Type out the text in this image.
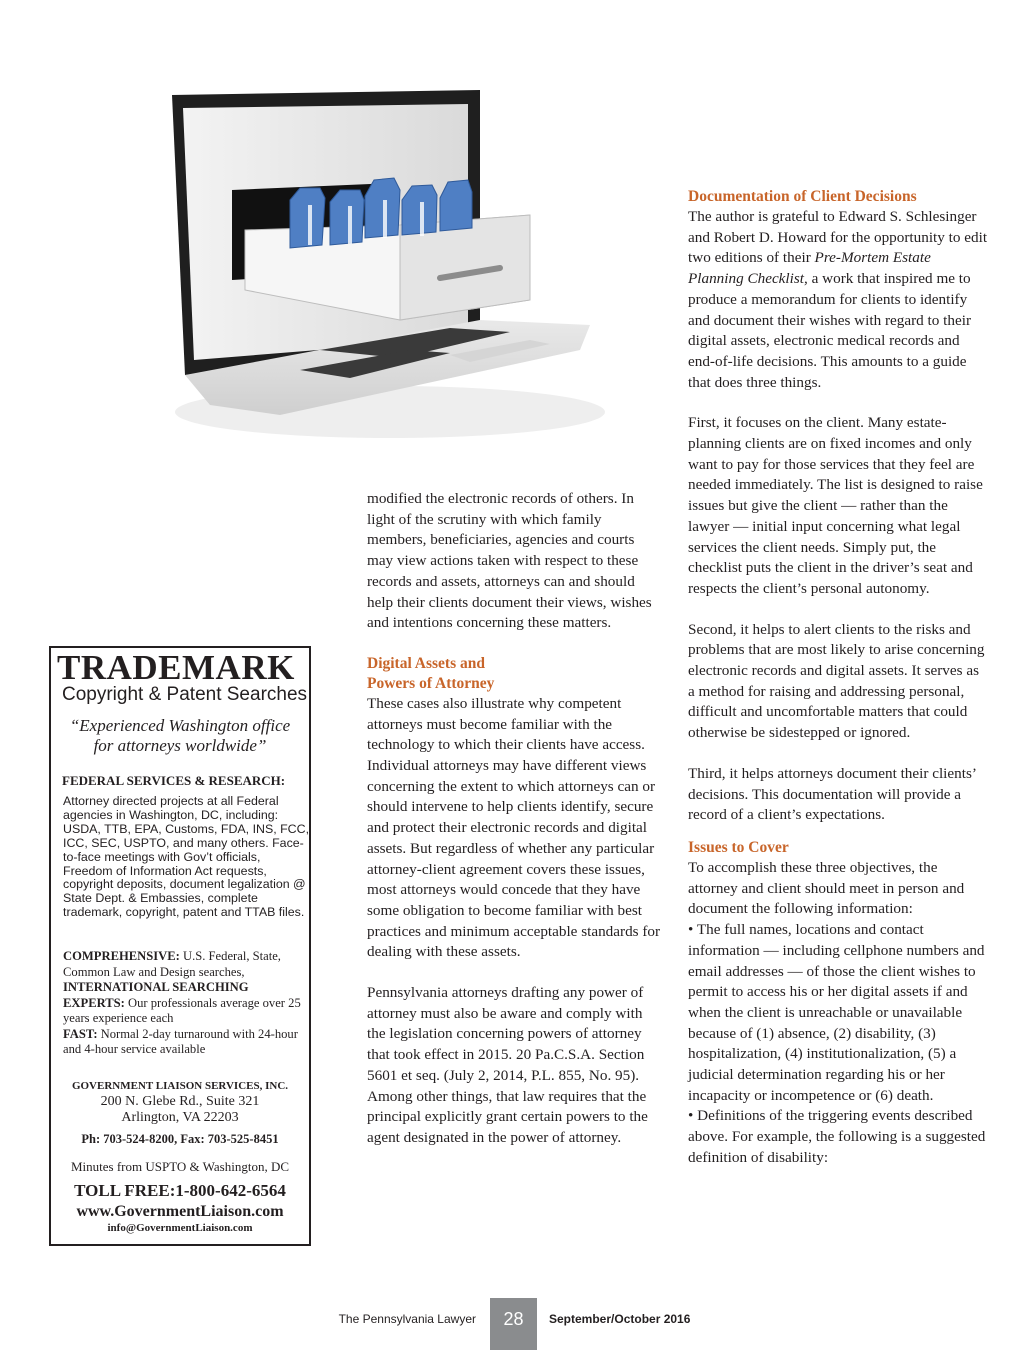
modified the electronic records of others. In light of the scrutiny with which family members, beneficiaries, agencies and courts may view actions taken with respect to these records and assets, attorneys can and should help their clients document their views, wishes and intentions concerning these matters.

Digital Assets and
Powers of Attorney

These cases also illustrate why competent attorneys must become familiar with the technology to which their clients have access. Individual attorneys may have different views concerning the extent to which attorneys can or should intervene to help clients identify, secure and protect their electronic records and digital assets. But regardless of whether any particular attorney-client agreement covers these issues, most attorneys would concede that they have some obligation to become familiar with best practices and minimum acceptable standards for dealing with these assets.

Pennsylvania attorneys drafting any power of attorney must also be aware and comply with the legislation concerning powers of attorney that took effect in 2015. 20 Pa.C.S.A. Section 5601 et seq. (July 2, 2014, P.L. 855, No. 95). Among other things, that law requires that the principal explicitly grant certain powers to the agent designated in the power of attorney.

Documentation of Client Decisions

The author is grateful to Edward S. Schlesinger and Robert D. Howard for the opportunity to edit two editions of their Pre-Mortem Estate Planning Checklist, a work that inspired me to produce a memorandum for clients to identify and document their wishes with regard to their digital assets, electronic medical records and end-of-life decisions. This amounts to a guide that does three things.

First, it focuses on the client. Many estate-planning clients are on fixed incomes and only want to pay for those services that they feel are needed immediately. The list is designed to raise issues but give the client — rather than the lawyer — initial input concerning what legal services the client needs. Simply put, the checklist puts the client in the driver’s seat and respects the client’s personal autonomy.

Second, it helps to alert clients to the risks and problems that are most likely to arise concerning electronic records and digital assets. It serves as a method for raising and addressing personal, difficult and uncomfortable matters that could otherwise be sidestepped or ignored.

Third, it helps attorneys document their clients’ decisions. This documentation will provide a record of a client’s expectations.

Issues to Cover

To accomplish these three objectives, the attorney and client should meet in person and document the following information:

• The full names, locations and contact information — including cellphone numbers and email addresses — of those the client wishes to permit to access his or her digital assets if and when the client is unreachable or unavailable because of (1) absence, (2) disability, (3) hospitalization, (4) institutionalization, (5) a judicial determination regarding his or her incapacity or incompetence or (6) death.

• Definitions of the triggering events described above. For example, the following is a suggested definition of disability:

TRADEMARK
Copyright & Patent Searches
“Experienced Washington office
for attorneys worldwide”
FEDERAL SERVICES & RESEARCH:
Attorney directed projects at all Federal agencies in Washington, DC, including: USDA, TTB, EPA, Customs, FDA, INS, FCC, ICC, SEC, USPTO, and many others. Face-to-face meetings with Gov’t officials, Freedom of Information Act requests, copyright deposits, document legalization @ State Dept. & Embassies, complete trademark, copyright, patent and TTAB files.
COMPREHENSIVE: U.S. Federal, State, Common Law and Design searches,
INTERNATIONAL SEARCHING EXPERTS: Our professionals average over 25 years experience each
FAST: Normal 2-day turnaround with 24-hour and 4-hour service available
GOVERNMENT LIAISON SERVICES, INC.
200 N. Glebe Rd., Suite 321
Arlington, VA 22203
Ph: 703-524-8200, Fax: 703-525-8451
Minutes from USPTO & Washington, DC
TOLL FREE:1-800-642-6564
www.GovernmentLiaison.com
info@GovernmentLiaison.com
The Pennsylvania Lawyer	28	September/October 2016
